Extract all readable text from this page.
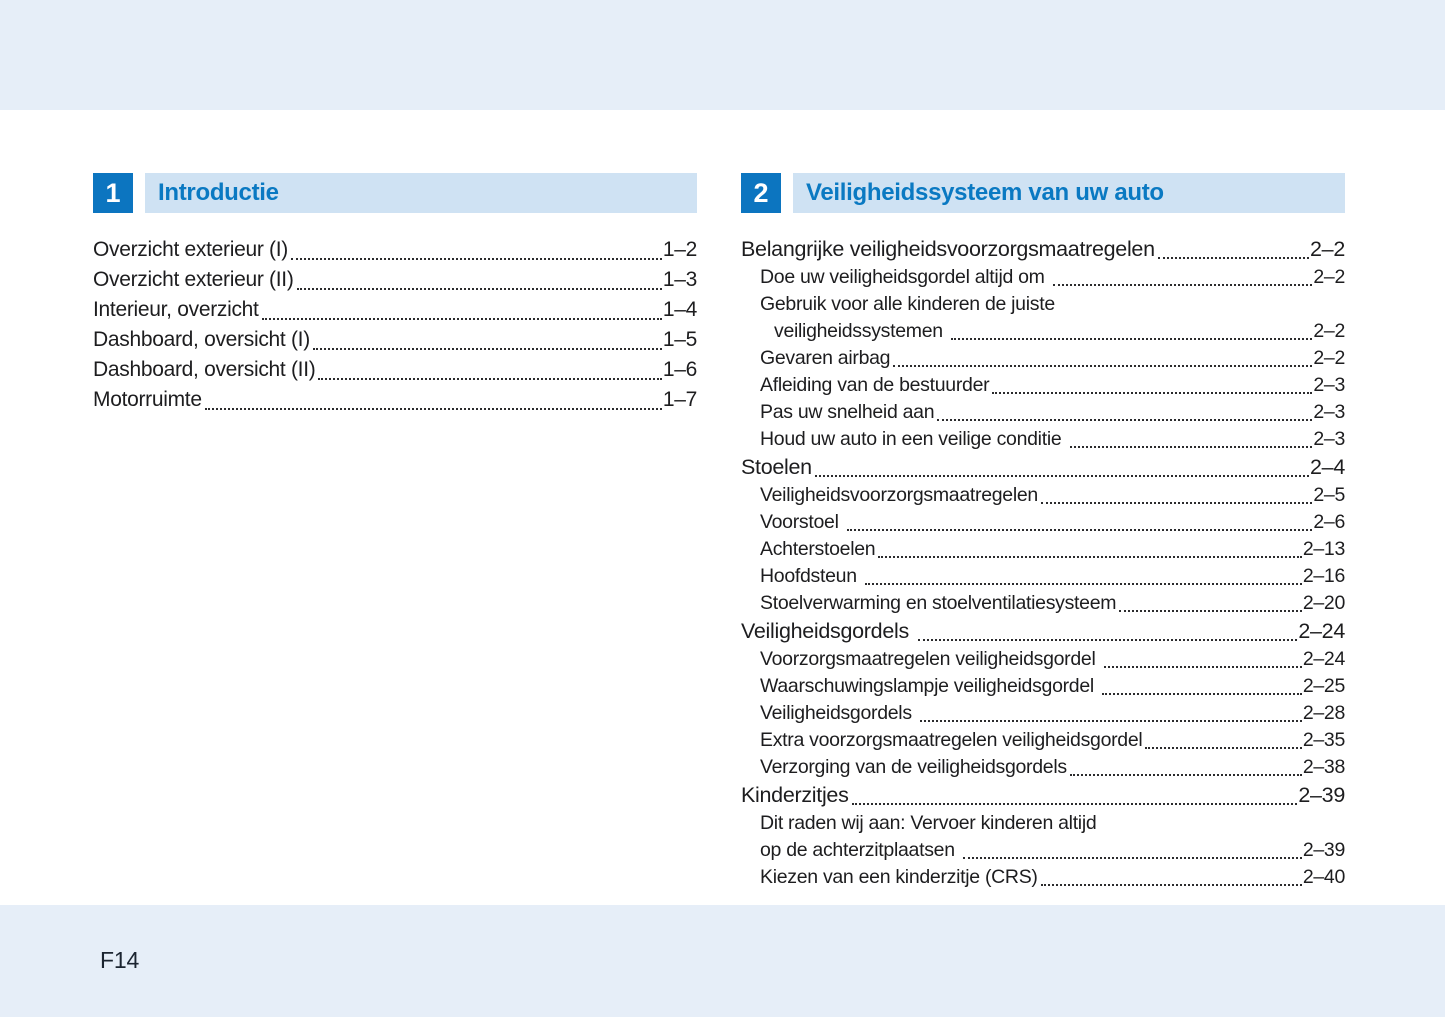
1 Introductie
Overzicht exterieur (I)	1–2
Overzicht exterieur (II)	1–3
Interieur, overzicht	1–4
Dashboard, oversicht (I)	1–5
Dashboard, oversicht (II)	1–6
Motorruimte	1–7
2 Veiligheidssysteem van uw auto
Belangrijke veiligheidsvoorzorgsmaatregelen	2–2
Doe uw veiligheidsgordel altijd om	2–2
Gebruik voor alle kinderen de juiste
veiligheidssystemen	2–2
Gevaren airbag	2–2
Afleiding van de bestuurder	2–3
Pas uw snelheid aan	2–3
Houd uw auto in een veilige conditie	2–3
Stoelen	2–4
Veiligheidsvoorzorgsmaatregelen	2–5
Voorstoel	2–6
Achterstoelen	2–13
Hoofdsteun	2–16
Stoelverwarming en stoelventilatiesysteem	2–20
Veiligheidsgordels	2–24
Voorzorgsmaatregelen veiligheidsgordel	2–24
Waarschuwingslampje veiligheidsgordel	2–25
Veiligheidsgordels	2–28
Extra voorzorgsmaatregelen veiligheidsgordel	2–35
Verzorging van de veiligheidsgordels	2–38
Kinderzitjes	2–39
Dit raden wij aan: Vervoer kinderen altijd
op de achterzitplaatsen	2–39
Kiezen van een kinderzitje (CRS)	2–40
F14
